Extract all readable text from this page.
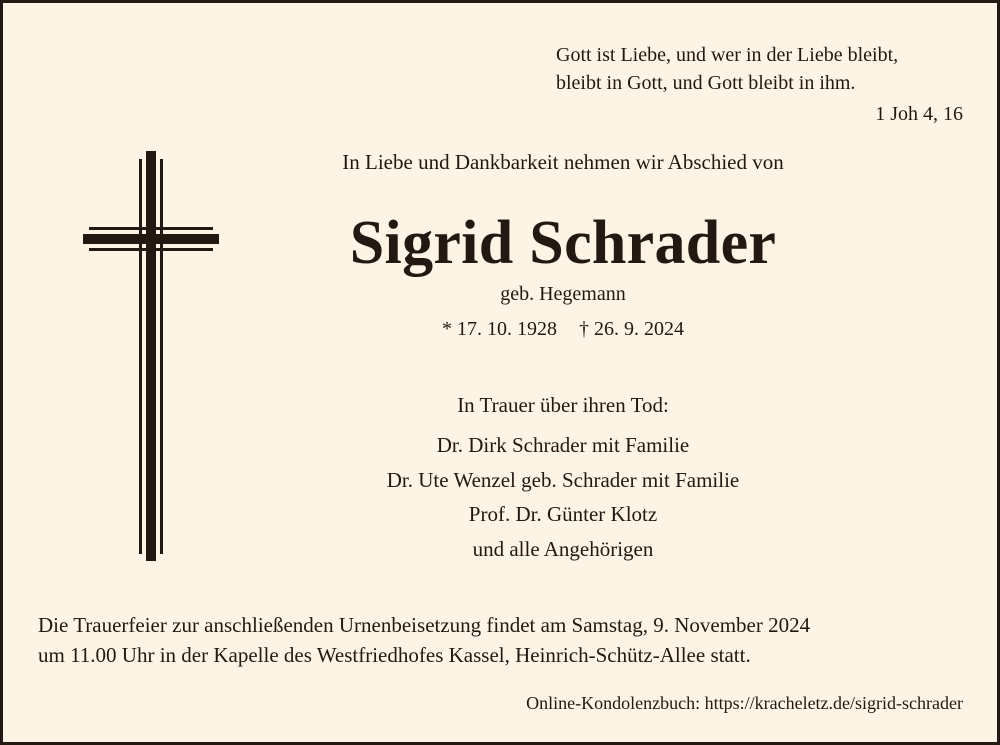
Gott ist Liebe, und wer in der Liebe bleibt,
bleibt in Gott, und Gott bleibt in ihm.
1 Joh 4, 16
In Liebe und Dankbarkeit nehmen wir Abschied von
Sigrid Schrader
geb. Hegemann
* 17. 10. 1928 † 26. 9. 2024
In Trauer über ihren Tod:
Dr. Dirk Schrader mit Familie
Dr. Ute Wenzel geb. Schrader mit Familie
Prof. Dr. Günter Klotz
und alle Angehörigen
Die Trauerfeier zur anschließenden Urnenbeisetzung findet am Samstag, 9. November 2024
um 11.00 Uhr in der Kapelle des Westfriedhofes Kassel, Heinrich-Schütz-Allee statt.
Online-Kondolenzbuch: https://kracheletz.de/sigrid-schrader
